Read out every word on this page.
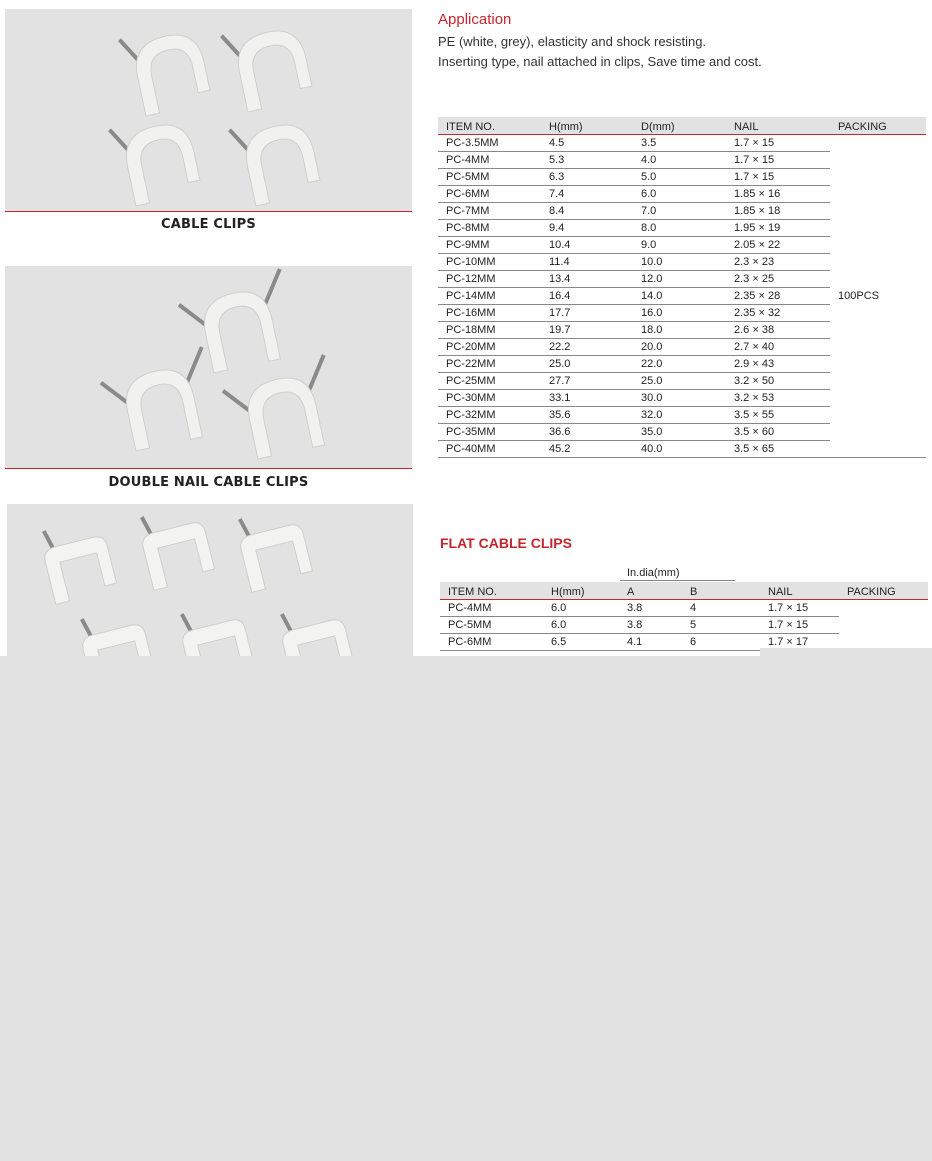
CABLE CLIPS
DOUBLE NAIL CABLE CLIPS
Application
PE (white, grey), elasticity and shock resisting.
Inserting type, nail attached in clips, Save time and cost.
ITEM NO.	H(mm)	D(mm)	NAIL	PACKING
PC-3.5MM	4.5	3.5	1.7 × 15	100PCS
PC-4MM	5.3	4.0	1.7 × 15	
PC-5MM	6.3	5.0	1.7 × 15	
PC-6MM	7.4	6.0	1.85 × 16	
PC-7MM	8.4	7.0	1.85 × 18	
PC-8MM	9.4	8.0	1.95 × 19	
PC-9MM	10.4	9.0	2.05 × 22	
PC-10MM	11.4	10.0	2.3 × 23	
PC-12MM	13.4	12.0	2.3 × 25	
PC-14MM	16.4	14.0	2.35 × 28	
PC-16MM	17.7	16.0	2.35 × 32	
PC-18MM	19.7	18.0	2.6 × 38	
PC-20MM	22.2	20.0	2.7 × 40	
PC-22MM	25.0	22.0	2.9 × 43	
PC-25MM	27.7	25.0	3.2 × 50	
PC-30MM	33.1	30.0	3.2 × 53	
PC-32MM	35.6	32.0	3.5 × 55	
PC-35MM	36.6	35.0	3.5 × 60	
PC-40MM	45.2	40.0	3.5 × 65	
FLAT CABLE CLIPS
In.dia(mm)
ITEM NO.	H(mm)	A	B	NAIL	PACKING
PC-4MM	6.0	3.8	4	1.7 × 15	
PC-5MM	6.0	3.8	5	1.7 × 15	
PC-6MM	6.5	4.1	6	1.7 × 17	
